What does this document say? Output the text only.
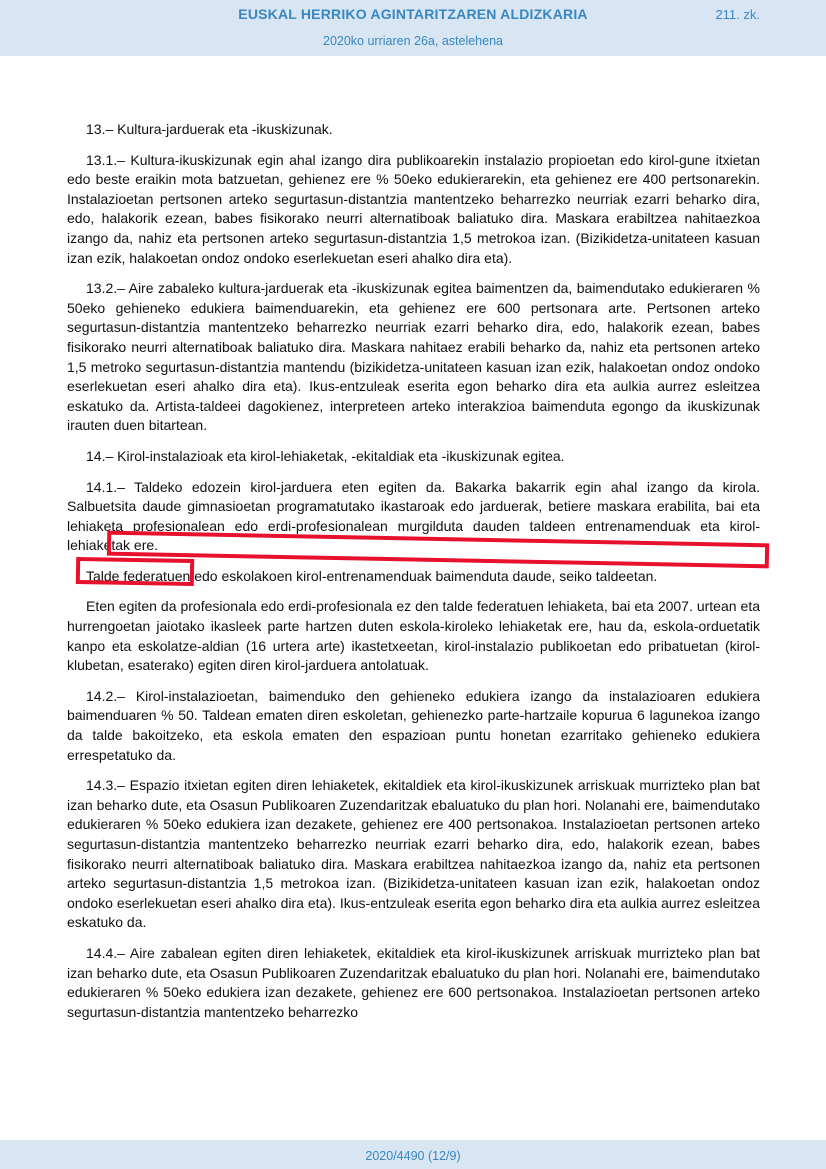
EUSKAL HERRIKO AGINTARITZAREN ALDIZKARIA	211. zk.
2020ko urriaren 26a, astelehena

13.– Kultura-jarduerak eta -ikuskizunak.

13.1.– Kultura-ikuskizunak egin ahal izango dira publikoarekin instalazio propioetan edo kirol-gune itxietan edo beste eraikin mota batzuetan, gehienez ere % 50eko edukierarekin, eta gehienez ere 400 pertsonarekin. Instalazioetan pertsonen arteko segurtasun-distantzia mantentzeko beharrezko neurriak ezarri beharko dira, edo, halakorik ezean, babes fisikorako neurri alternatiboak baliatuko dira. Maskara erabiltzea nahitaezkoa izango da, nahiz eta pertsonen arteko segurtasun-distantzia 1,5 metrokoa izan. (Bizikidetza-unitateen kasuan izan ezik, halakoetan ondoz ondoko eserlekuetan eseri ahalko dira eta).

13.2.– Aire zabaleko kultura-jarduerak eta -ikuskizunak egitea baimentzen da, baimendutako edukieraren % 50eko gehieneko edukiera baimenduarekin, eta gehienez ere 600 pertsonara arte. Pertsonen arteko segurtasun-distantzia mantentzeko beharrezko neurriak ezarri beharko dira, edo, halakorik ezean, babes fisikorako neurri alternatiboak baliatuko dira. Maskara nahitaez erabili beharko da, nahiz eta pertsonen arteko 1,5 metroko segurtasun-distantzia mantendu (bizikidetza-unitateen kasuan izan ezik, halakoetan ondoz ondoko eserlekuetan eseri ahalko dira eta). Ikus-entzuleak eserita egon beharko dira eta aulkia aurrez esleitzea eskatuko da. Artista-taldeei dagokienez, interpreteen arteko interakzioa baimenduta egongo da ikuskizunak irauten duen bitartean.

14.– Kirol-instalazioak eta kirol-lehiaketak, -ekitaldiak eta -ikuskizunak egitea.

14.1.– Taldeko edozein kirol-jarduera eten egiten da. Bakarka bakarrik egin ahal izango da kirola. Salbuetsita daude gimnasioetan programatutako ikastaroak edo jarduerak, betiere maskara erabilita, bai eta lehiaketa profesionalean edo erdi-profesionalean murgilduta dauden taldeen entrenamenduak eta kirol-lehiaketak ere.

Talde federatuen edo eskolakoen kirol-entrenamenduak baimenduta daude, seiko taldeetan.

Eten egiten da profesionala edo erdi-profesionala ez den talde federatuen lehiaketa, bai eta 2007. urtean eta hurrengoetan jaiotako ikasleek parte hartzen duten eskola-kiroleko lehiaketak ere, hau da, eskola-orduetatik kanpo eta eskolatze-aldian (16 urtera arte) ikastetxeetan, kirol-instalazio publikoetan edo pribatuetan (kirol-klubetan, esaterako) egiten diren kirol-jarduera antolatuak.

14.2.– Kirol-instalazioetan, baimenduko den gehieneko edukiera izango da instalazioaren edukiera baimenduaren % 50. Taldean ematen diren eskoletan, gehienezko parte-hartzaile kopurua 6 lagunekoa izango da talde bakoitzeko, eta eskola ematen den espazioan puntu honetan ezarritako gehieneko edukiera errespetatuko da.

14.3.– Espazio itxietan egiten diren lehiaketek, ekitaldiek eta kirol-ikuskizunek arriskuak murrizteko plan bat izan beharko dute, eta Osasun Publikoaren Zuzendaritzak ebaluatuko du plan hori. Nolanahi ere, baimendutako edukieraren % 50eko edukiera izan dezakete, gehienez ere 400 pertsonakoa. Instalazioetan pertsonen arteko segurtasun-distantzia mantentzeko beharrezko neurriak ezarri beharko dira, edo, halakorik ezean, babes fisikorako neurri alternatiboak baliatuko dira. Maskara erabiltzea nahitaezkoa izango da, nahiz eta pertsonen arteko segurtasun-distantzia 1,5 metrokoa izan. (Bizikidetza-unitateen kasuan izan ezik, halakoetan ondoz ondoko eserlekuetan eseri ahalko dira eta). Ikus-entzuleak eserita egon beharko dira eta aulkia aurrez esleitzea eskatuko da.

14.4.– Aire zabalean egiten diren lehiaketek, ekitaldiek eta kirol-ikuskizunek arriskuak murrizteko plan bat izan beharko dute, eta Osasun Publikoaren Zuzendaritzak ebaluatuko du plan hori. Nolanahi ere, baimendutako edukieraren % 50eko edukiera izan dezakete, gehienez ere 600 pertsonakoa. Instalazioetan pertsonen arteko segurtasun-distantzia mantentzeko beharrezko

2020/4490 (12/9)
